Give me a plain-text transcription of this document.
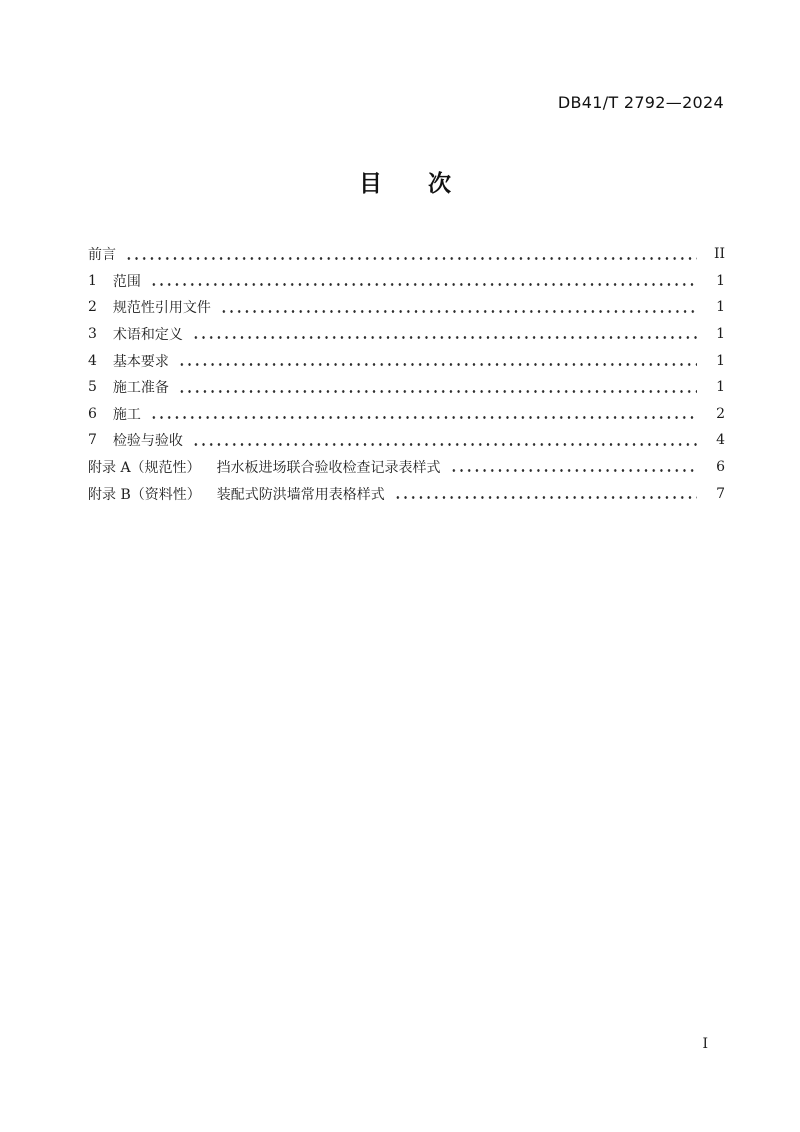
DB41/T 2792—2024
目　　次
前言	II
1 范围	1
2 规范性引用文件	1
3 术语和定义	1
4 基本要求	1
5 施工准备	1
6 施工	2
7 检验与验收	4
附录 A（规范性） 挡水板进场联合验收检查记录表样式	6
附录 B（资料性） 装配式防洪墙常用表格样式	7
I
